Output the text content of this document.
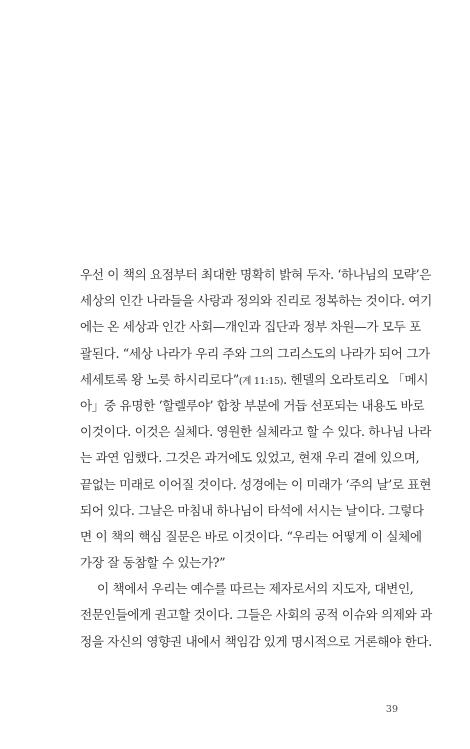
우선 이 책의 요점부터 최대한 명확히 밝혀 두자. ‘하나님의 모략’은
세상의 인간 나라들을 사랑과 정의와 진리로 정복하는 것이다. 여기
에는 온 세상과 인간 사회—개인과 집단과 정부 차원—가 모두 포
괄된다. “세상 나라가 우리 주와 그의 그리스도의 나라가 되어 그가
세세토록 왕 노릇 하시리로다”(계 11:15). 헨델의 오라토리오 「메시
아」중 유명한 ‘할렐루야’ 합창 부분에 거듭 선포되는 내용도 바로
이것이다. 이것은 실체다. 영원한 실체라고 할 수 있다. 하나님 나라
는 과연 임했다. 그것은 과거에도 있었고, 현재 우리 곁에 있으며,
끝없는 미래로 이어질 것이다. 성경에는 이 미래가 ‘주의 날’로 표현
되어 있다. 그날은 마침내 하나님이 타석에 서시는 날이다. 그렇다
면 이 책의 핵심 질문은 바로 이것이다. “우리는 어떻게 이 실체에
가장 잘 동참할 수 있는가?”
이 책에서 우리는 예수를 따르는 제자로서의 지도자, 대변인,
전문인들에게 권고할 것이다. 그들은 사회의 공적 이슈와 의제와 과
정을 자신의 영향권 내에서 책임감 있게 명시적으로 거론해야 한다.
39
